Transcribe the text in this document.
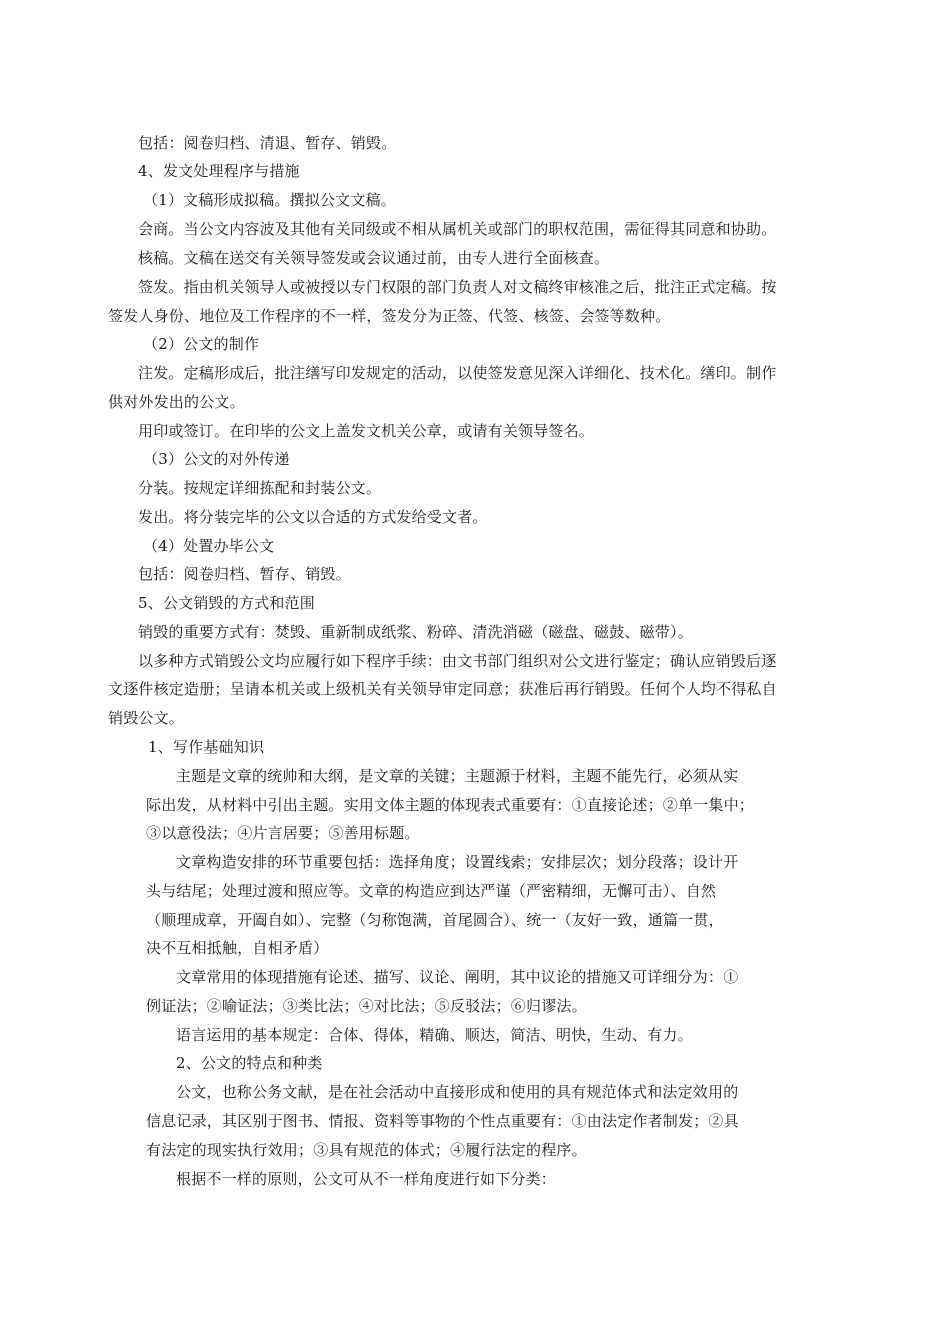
包括：阅卷归档、清退、暂存、销毁。
4、发文处理程序与措施
（1）文稿形成拟稿。撰拟公文文稿。
会商。当公文内容波及其他有关同级或不相从属机关或部门的职权范围，需征得其同意和协助。
核稿。文稿在送交有关领导签发或会议通过前，由专人进行全面核查。
签发。指由机关领导人或被授以专门权限的部门负责人对文稿终审核准之后，批注正式定稿。按
签发人身份、地位及工作程序的不一样，签发分为正签、代签、核签、会签等数种。
（2）公文的制作
注发。定稿形成后，批注缮写印发规定的活动，以使签发意见深入详细化、技术化。缮印。制作
供对外发出的公文。
用印或签订。在印毕的公文上盖发文机关公章，或请有关领导签名。
（3）公文的对外传递
分装。按规定详细拣配和封装公文。
发出。将分装完毕的公文以合适的方式发给受文者。
（4）处置办毕公文
包括：阅卷归档、暂存、销毁。
5、公文销毁的方式和范围
销毁的重要方式有：焚毁、重新制成纸浆、粉碎、清洗消磁（磁盘、磁鼓、磁带）。
以多种方式销毁公文均应履行如下程序手续：由文书部门组织对公文进行鉴定；确认应销毁后逐
文逐件核定造册；呈请本机关或上级机关有关领导审定同意；获准后再行销毁。任何个人均不得私自
销毁公文。
1、写作基础知识
主题是文章的统帅和大纲，是文章的关键；主题源于材料，主题不能先行，必须从实
际出发，从材料中引出主题。实用文体主题的体现表式重要有：①直接论述；②单一集中；
③以意役法；④片言居要；⑤善用标题。
文章构造安排的环节重要包括：选择角度；设置线索；安排层次；划分段落；设计开
头与结尾；处理过渡和照应等。文章的构造应到达严谨（严密精细，无懈可击）、自然
（顺理成章，开阖自如）、完整（匀称饱满，首尾圆合）、统一（友好一致，通篇一贯，
决不互相抵触，自相矛盾）
文章常用的体现措施有论述、描写、议论、阐明，其中议论的措施又可详细分为：①
例证法；②喻证法；③类比法；④对比法；⑤反驳法；⑥归谬法。
语言运用的基本规定：合体、得体，精确、顺达，简洁、明快，生动、有力。
2、公文的特点和种类
公文，也称公务文献，是在社会活动中直接形成和使用的具有规范体式和法定效用的
信息记录，其区别于图书、情报、资料等事物的个性点重要有：①由法定作者制发；②具
有法定的现实执行效用；③具有规范的体式；④履行法定的程序。
根据不一样的原则，公文可从不一样角度进行如下分类：
